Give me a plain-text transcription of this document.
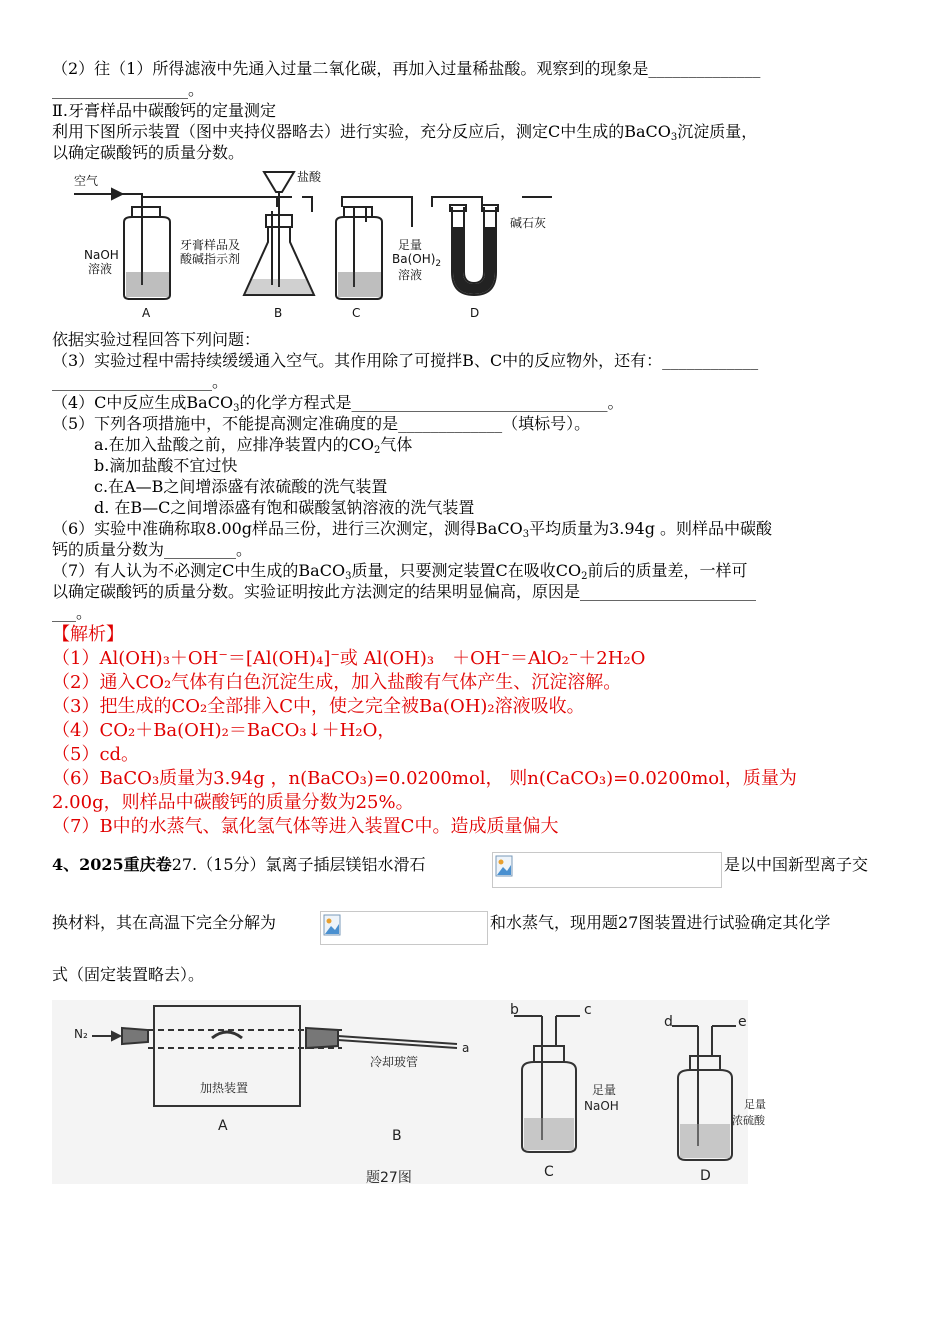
（2）往（1）所得滤液中先通入过量二氧化碳，再加入过量稀盐酸。观察到的现象是______________
_________________。
Ⅱ.牙膏样品中碳酸钙的定量测定
利用下图所示装置（图中夹持仪器略去）进行实验，充分反应后，测定C中生成的BaCO$_3$沉淀质量，
以确定碳酸钙的质量分数。
空气	盐酸
NaOH
溶液
牙膏样品及
酸碱指示剂
足量
$Ba(OH)_2$
溶液
碱石灰
A	B	C	D
依据实验过程回答下列问题：
（3）实验过程中需持续缓缓通入空气。其作用除了可搅拌B、C中的反应物外，还有：____________
____________________。
（4）C中反应生成BaCO$_3$的化学方程式是________________________________。
（5）下列各项措施中，不能提高测定准确度的是_____________（填标号）。
a.在加入盐酸之前，应排净装置内的$CO_2$气体
b.滴加盐酸不宜过快
c.在A—B之间增添盛有浓硫酸的洗气装置
d. 在B—C之间增添盛有饱和碳酸氢钠溶液的洗气装置
（6）实验中准确称取8.00g样品三份，进行三次测定，测得BaCO$_3$平均质量为3.94g 。则样品中碳酸
钙的质量分数为_________。
（7）有人认为不必测定C中生成的BaCO$_3$质量，只要测定装置C在吸收$CO_2$前后的质量差，一样可
以确定碳酸钙的质量分数。实验证明按此方法测定的结果明显偏高，原因是______________________
___。
【解析】
（1）Al(OH)₃＋OH⁻＝[Al(OH)₄]⁻或 Al(OH)₃　＋OH⁻＝AlO₂⁻＋2H₂O
（2）通入CO₂气体有白色沉淀生成，加入盐酸有气体产生、沉淀溶解。
（3）把生成的CO₂全部排入C中，使之完全被Ba(OH)₂溶液吸收。
（4）CO₂＋Ba(OH)₂＝BaCO₃↓＋H₂O，
（5）cd。
（6）BaCO₃质量为3.94g ，n(BaCO₃)=0.0200mol， 则n(CaCO₃)=0.0200mol，质量为
2.00g，则样品中碳酸钙的质量分数为25%。
（7）B中的水蒸气、氯化氢气体等进入装置C中。造成质量偏大
4、2025重庆卷27.（15分）氯离子插层镁铝水滑石	是以中国新型离子交
换材料，其在高温下完全分解为	和水蒸气，现用题27图装置进行试验确定其化学
式（固定装置略去）。
N₂
加热装置
冷却玻管
a
A
B
C	D
b	c
d	e
足量
NaOH	足量
浓硫酸
题27图
